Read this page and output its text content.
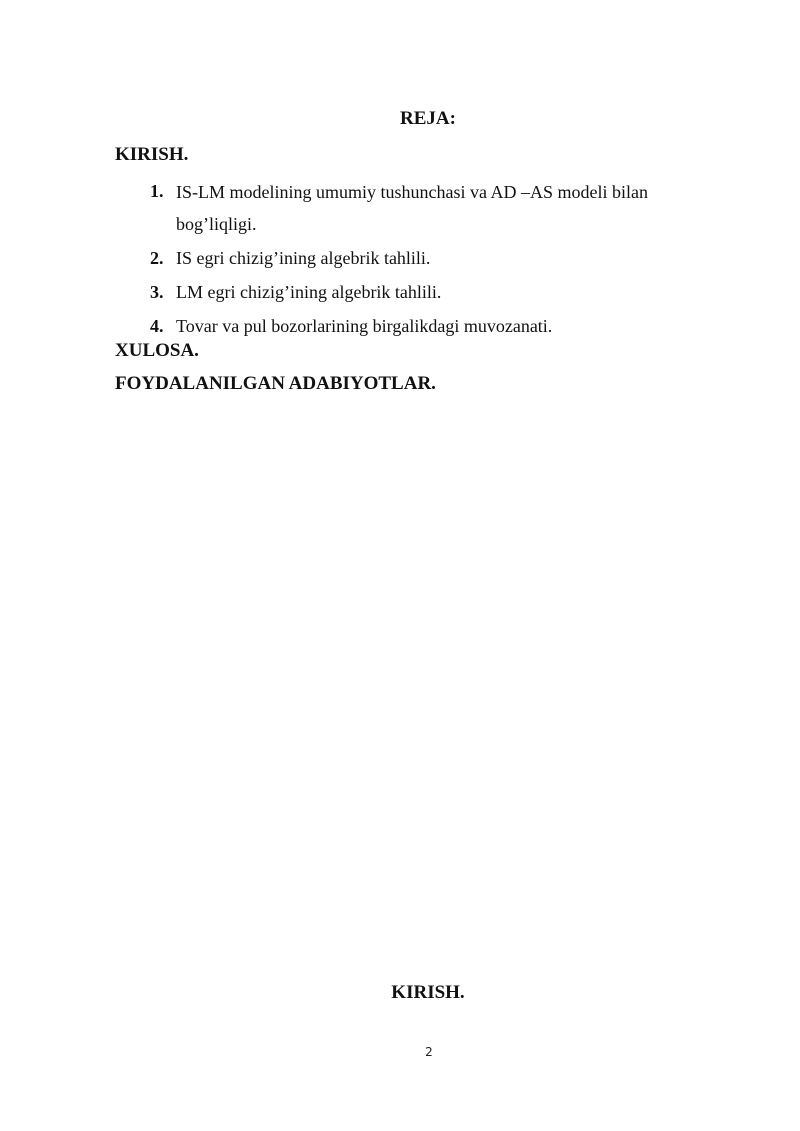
REJA:
KIRISH.
1. IS-LM modelining umumiy tushunchasi va AD –AS modeli bilan bog’liqligi.
2. IS egri chizig’ining algebrik tahlili.
3. LM egri chizig’ining algebrik tahlili.
4. Tovar va pul bozorlarining birgalikdagi muvozanati.
XULOSA.
FOYDALANILGAN ADABIYOTLAR.
KIRISH.
2
